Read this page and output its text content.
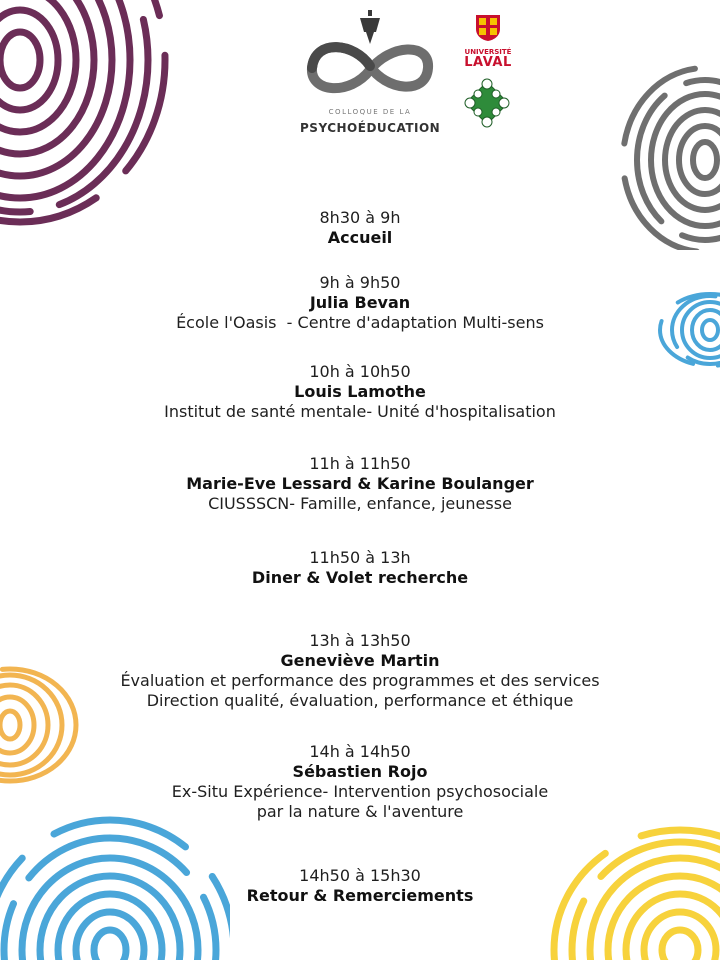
COLLOQUE DE LA
PSYCHOÉDUCATION
UNIVERSITÉ
LAVAL
8h30 à 9h
Accueil
9h à 9h50
Julia Bevan
École l'Oasis  - Centre d'adaptation Multi-sens
10h à 10h50
Louis Lamothe
Institut de santé mentale- Unité d'hospitalisation
11h à 11h50
Marie-Eve Lessard & Karine Boulanger
CIUSSSCN- Famille, enfance, jeunesse
11h50 à 13h
Diner & Volet recherche
13h à 13h50
Geneviève Martin
Évaluation et performance des programmes et des services
Direction qualité, évaluation, performance et éthique
14h à 14h50
Sébastien Rojo
Ex-Situ Expérience- Intervention psychosociale
par la nature & l'aventure
14h50 à 15h30
Retour & Remerciements
